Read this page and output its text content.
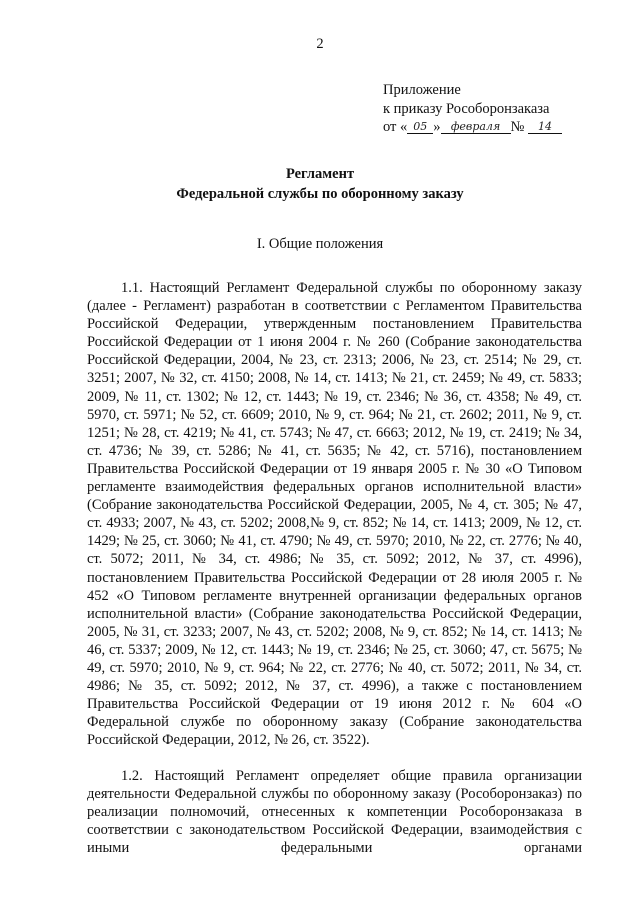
2
Приложение
к приказу Рособоронзаказа
от « 05 » февраля № 14
Регламент
Федеральной службы по оборонному заказу
I. Общие положения

1.1. Настоящий Регламент Федеральной службы по оборонному заказу (далее - Регламент) разработан в соответствии с Регламентом Правительства Российской Федерации, утвержденным постановлением Правительства Российской Федерации от 1 июня 2004 г. № 260 (Собрание законодательства Российской Федерации, 2004, № 23, ст. 2313; 2006, № 23, ст. 2514; № 29, ст. 3251; 2007, № 32, ст. 4150; 2008, № 14, ст. 1413; № 21, ст. 2459; № 49, ст. 5833; 2009, № 11, ст. 1302; № 12, ст. 1443; № 19, ст. 2346; № 36, ст. 4358; № 49, ст. 5970, ст. 5971; № 52, ст. 6609; 2010, № 9, ст. 964; № 21, ст. 2602; 2011, № 9, ст. 1251; № 28, ст. 4219; № 41, ст. 5743; № 47, ст. 6663; 2012, № 19, ст. 2419; № 34, ст. 4736; № 39, ст. 5286; № 41, ст. 5635; № 42, ст. 5716), постановлением Правительства Российской Федерации от 19 января 2005 г. № 30 «О Типовом регламенте взаимодействия федеральных органов исполнительной власти» (Собрание законодательства Российской Федерации, 2005, № 4, ст. 305; № 47, ст. 4933; 2007, № 43, ст. 5202; 2008,№ 9, ст. 852; № 14, ст. 1413; 2009, № 12, ст. 1429; № 25, ст. 3060; № 41, ст. 4790; № 49, ст. 5970; 2010, № 22, ст. 2776; № 40, ст. 5072; 2011, № 34, ст. 4986; № 35, ст. 5092; 2012, № 37, ст. 4996), постановлением Правительства Российской Федерации от 28 июля 2005 г. № 452 «О Типовом регламенте внутренней организации федеральных органов исполнительной власти» (Собрание законодательства Российской Федерации, 2005, № 31, ст. 3233; 2007, № 43, ст. 5202; 2008, № 9, ст. 852; № 14, ст. 1413; № 46, ст. 5337; 2009, № 12, ст. 1443; № 19, ст. 2346; № 25, ст. 3060; 47, ст. 5675; № 49, ст. 5970; 2010, № 9, ст. 964; № 22, ст. 2776; № 40, ст. 5072; 2011, № 34, ст. 4986; № 35, ст. 5092; 2012, № 37, ст. 4996), а также с постановлением Правительства Российской Федерации от 19 июня 2012 г. № 604 «О Федеральной службе по оборонному заказу (Собрание законодательства Российской Федерации, 2012, № 26, ст. 3522).

1.2. Настоящий Регламент определяет общие правила организации деятельности Федеральной службы по оборонному заказу (Рособоронзаказ) по реализации полномочий, отнесенных к компетенции Рособоронзаказа в соответствии с законодательством Российской Федерации, взаимодействия с иными федеральными органами
